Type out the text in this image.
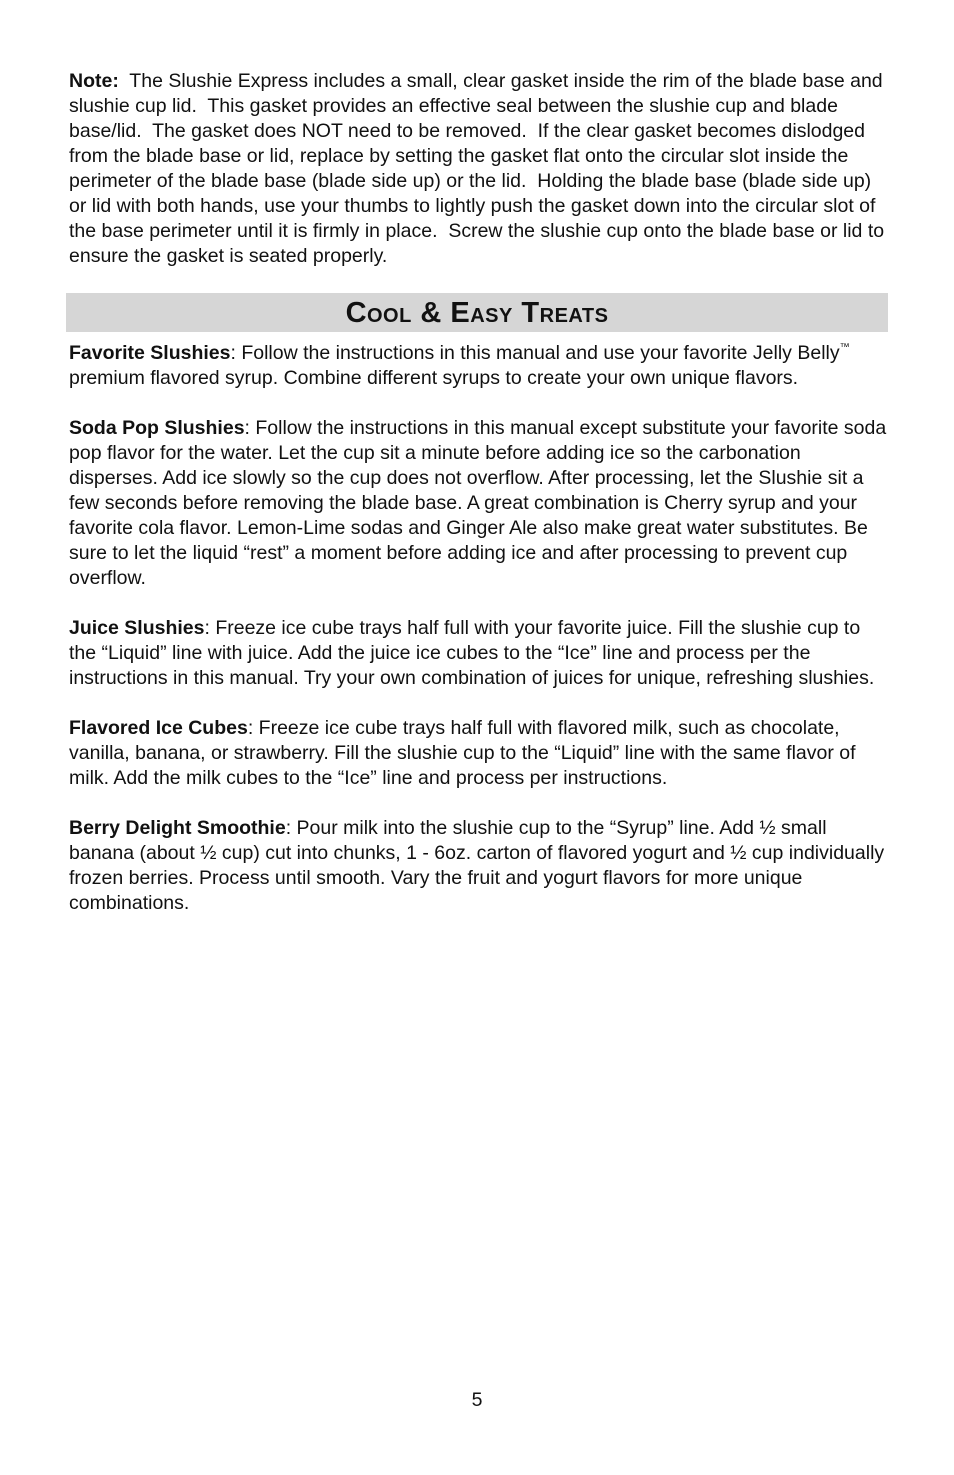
Note:  The Slushie Express includes a small, clear gasket inside the rim of the blade base and slushie cup lid.  This gasket provides an effective seal between the slushie cup and blade base/lid.  The gasket does NOT need to be removed.  If the clear gasket becomes dislodged from the blade base or lid, replace by setting the gasket flat onto the circular slot inside the perimeter of the blade base (blade side up) or the lid.  Holding the blade base (blade side up) or lid with both hands, use your thumbs to lightly push the gasket down into the circular slot of the base perimeter until it is firmly in place.  Screw the slushie cup onto the blade base or lid to ensure the gasket is seated properly.

Cool & Easy Treats

Favorite Slushies: Follow the instructions in this manual and use your favorite Jelly Belly™ premium flavored syrup. Combine different syrups to create your own unique flavors.

Soda Pop Slushies: Follow the instructions in this manual except substitute your favorite soda pop flavor for the water. Let the cup sit a minute before adding ice so the carbonation disperses. Add ice slowly so the cup does not overflow. After processing, let the Slushie sit a few seconds before removing the blade base. A great combination is Cherry syrup and your favorite cola flavor. Lemon-Lime sodas and Ginger Ale also make great water substitutes. Be sure to let the liquid “rest” a moment before adding ice and after processing to prevent cup overflow.

Juice Slushies: Freeze ice cube trays half full with your favorite juice. Fill the slushie cup to the “Liquid” line with juice. Add the juice ice cubes to the “Ice” line and process per the instructions in this manual. Try your own combination of juices for unique, refreshing slushies.

Flavored Ice Cubes: Freeze ice cube trays half full with flavored milk, such as chocolate, vanilla, banana, or strawberry. Fill the slushie cup to the “Liquid” line with the same flavor of milk. Add the milk cubes to the “Ice” line and process per instructions.

Berry Delight Smoothie: Pour milk into the slushie cup to the “Syrup” line. Add ½ small banana (about ½ cup) cut into chunks, 1 - 6oz. carton of flavored yogurt and ½ cup individually frozen berries. Process until smooth. Vary the fruit and yogurt flavors for more unique combinations.

5
